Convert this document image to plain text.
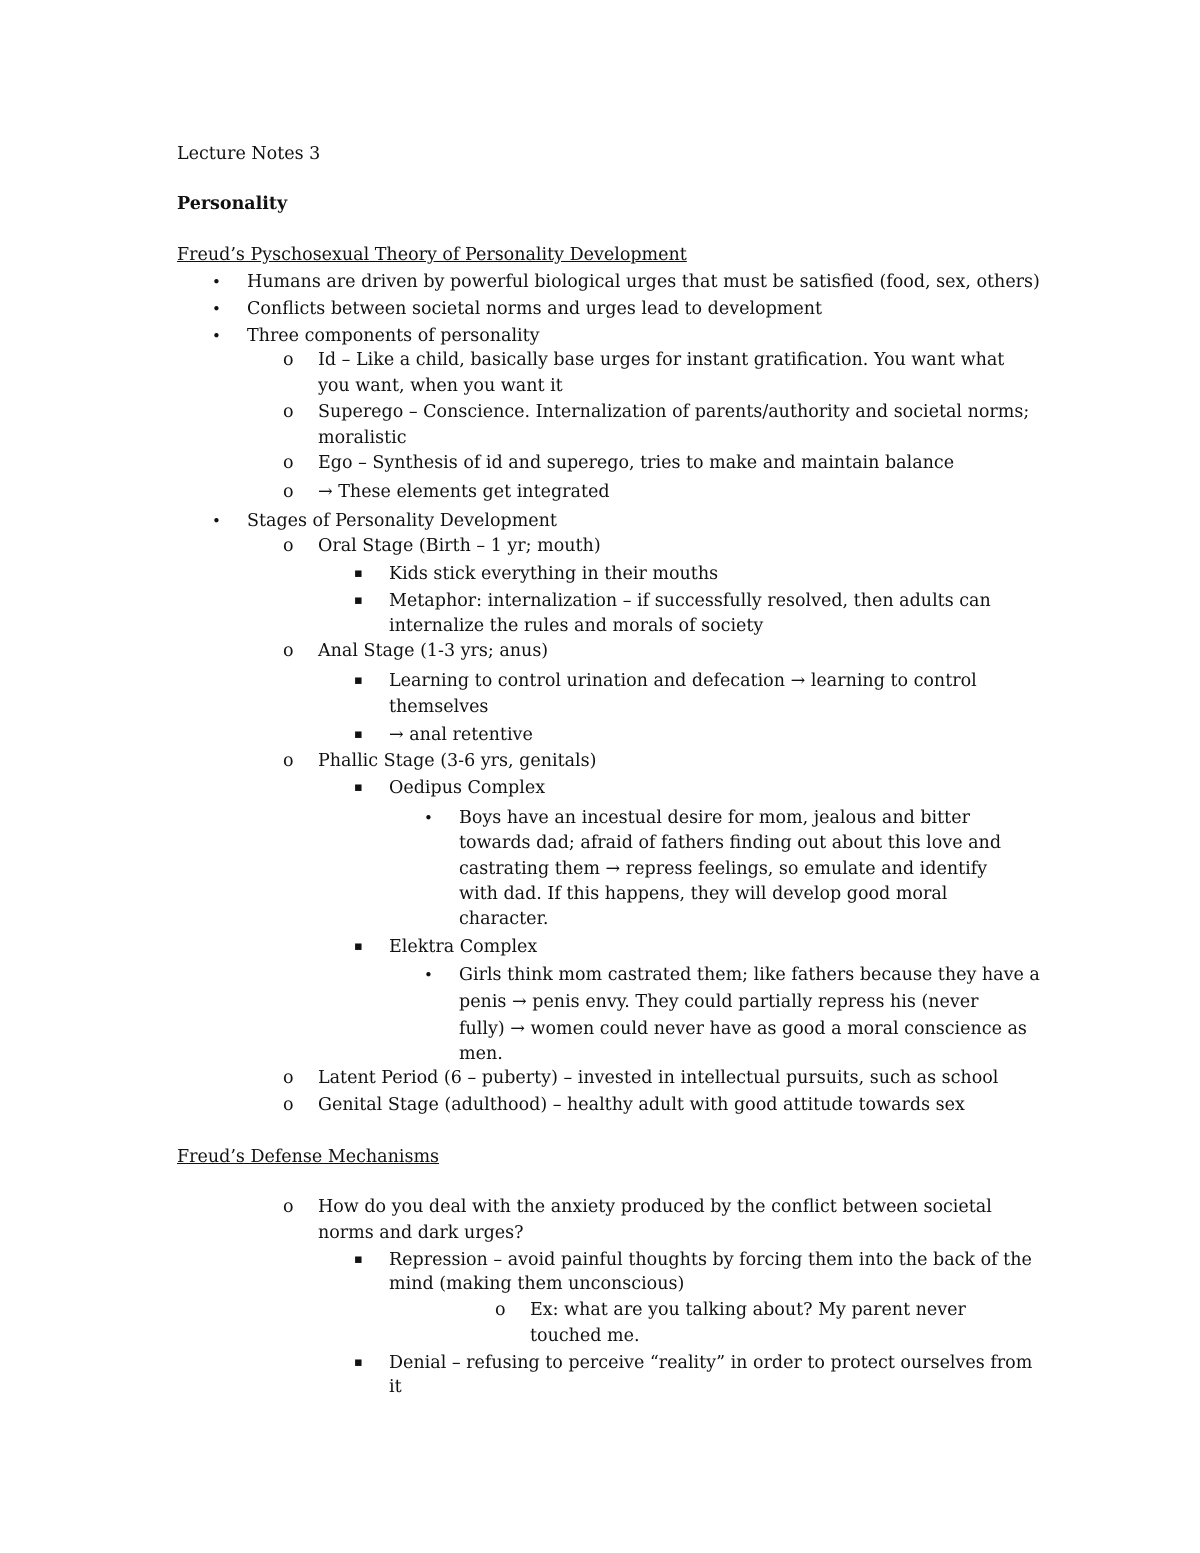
Lecture Notes 3
Personality
Freud’s Pyschosexual Theory of Personality Development
• Humans are driven by powerful biological urges that must be satisfied (food, sex, others)
• Conflicts between societal norms and urges lead to development
• Three components of personality
o Id – Like a child, basically base urges for instant gratification. You want what
you want, when you want it
o Superego – Conscience. Internalization of parents/authority and societal norms;
moralistic
o Ego – Synthesis of id and superego, tries to make and maintain balance
o → These elements get integrated
• Stages of Personality Development
o Oral Stage (Birth – 1 yr; mouth)
▪ Kids stick everything in their mouths
▪ Metaphor: internalization – if successfully resolved, then adults can
internalize the rules and morals of society
o Anal Stage (1-3 yrs; anus)
▪ Learning to control urination and defecation → learning to control
themselves
▪ → anal retentive
o Phallic Stage (3-6 yrs, genitals)
▪ Oedipus Complex
• Boys have an incestual desire for mom, jealous and bitter
towards dad; afraid of fathers finding out about this love and
castrating them → repress feelings, so emulate and identify
with dad. If this happens, they will develop good moral
character.
▪ Elektra Complex
• Girls think mom castrated them; like fathers because they have a
penis → penis envy. They could partially repress his (never
fully) → women could never have as good a moral conscience as
men.
o Latent Period (6 – puberty) – invested in intellectual pursuits, such as school
o Genital Stage (adulthood) – healthy adult with good attitude towards sex
Freud’s Defense Mechanisms
o How do you deal with the anxiety produced by the conflict between societal
norms and dark urges?
▪ Repression – avoid painful thoughts by forcing them into the back of the
mind (making them unconscious)
o Ex: what are you talking about? My parent never
touched me.
▪ Denial – refusing to perceive “reality” in order to protect ourselves from
it
